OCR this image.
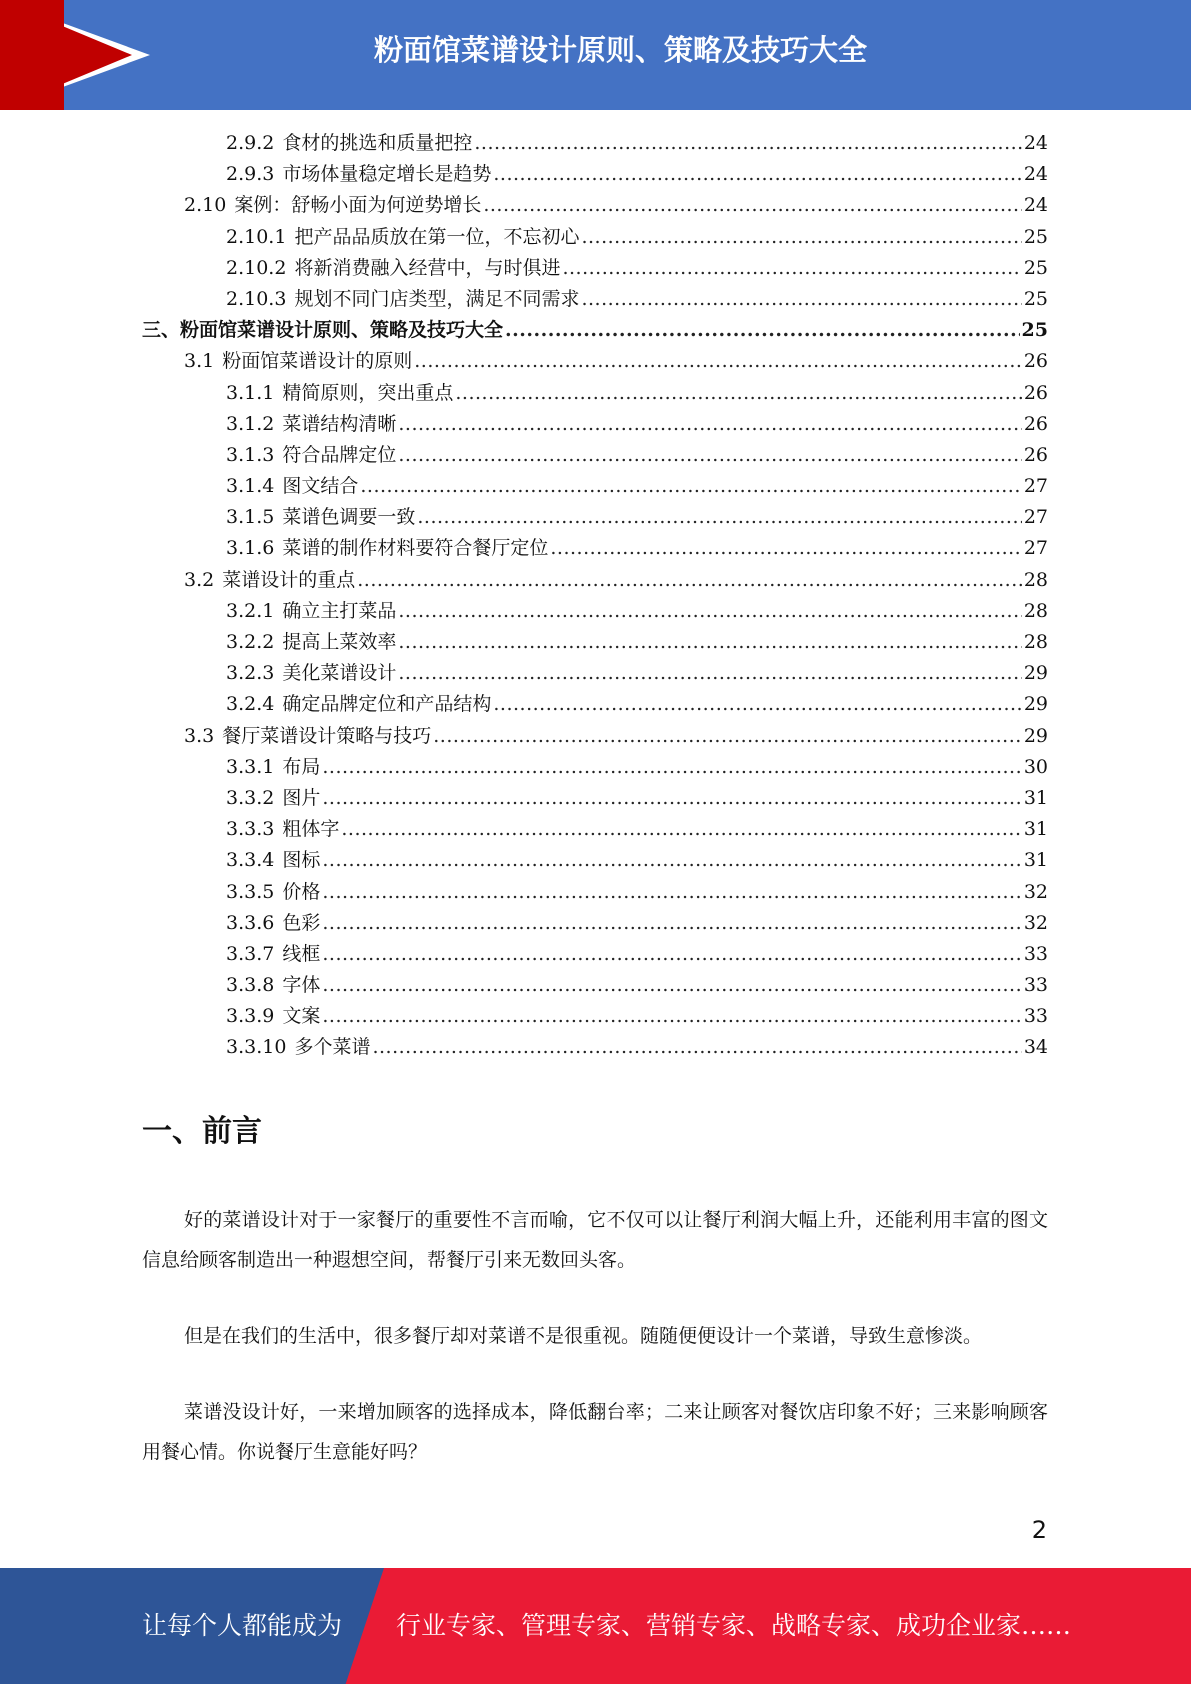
粉面馆菜谱设计原则、策略及技巧大全
2.9.2 食材的挑选和质量把控 .....	24
2.9.3 市场体量稳定增长是趋势 .....	24
2.10 案例：舒畅小面为何逆势增长 .....	24
2.10.1 把产品品质放在第一位，不忘初心 .....	25
2.10.2 将新消费融入经营中，与时俱进 .....	25
2.10.3 规划不同门店类型，满足不同需求 .....	25
三、粉面馆菜谱设计原则、策略及技巧大全 .....	25
3.1 粉面馆菜谱设计的原则 .....	26
3.1.1 精简原则，突出重点 .....	26
3.1.2 菜谱结构清晰 .....	26
3.1.3 符合品牌定位 .....	26
3.1.4 图文结合 .....	27
3.1.5 菜谱色调要一致 .....	27
3.1.6 菜谱的制作材料要符合餐厅定位 .....	27
3.2 菜谱设计的重点 .....	28
3.2.1 确立主打菜品 .....	28
3.2.2 提高上菜效率 .....	28
3.2.3 美化菜谱设计 .....	29
3.2.4 确定品牌定位和产品结构 .....	29
3.3 餐厅菜谱设计策略与技巧 .....	29
3.3.1 布局 .....	30
3.3.2 图片 .....	31
3.3.3 粗体字 .....	31
3.3.4 图标 .....	31
3.3.5 价格 .....	32
3.3.6 色彩 .....	32
3.3.7 线框 .....	33
3.3.8 字体 .....	33
3.3.9 文案 .....	33
3.3.10 多个菜谱 .....	34
一、前言

好的菜谱设计对于一家餐厅的重要性不言而喻，它不仅可以让餐厅利润大幅上升，还能利用丰富的图文信息给顾客制造出一种遐想空间，帮餐厅引来无数回头客。

但是在我们的生活中，很多餐厅却对菜谱不是很重视。随随便便设计一个菜谱，导致生意惨淡。

菜谱没设计好，一来增加顾客的选择成本，降低翻台率；二来让顾客对餐饮店印象不好；三来影响顾客用餐心情。你说餐厅生意能好吗？

2
让每个人都能成为 行业专家、管理专家、营销专家、战略专家、成功企业家……
